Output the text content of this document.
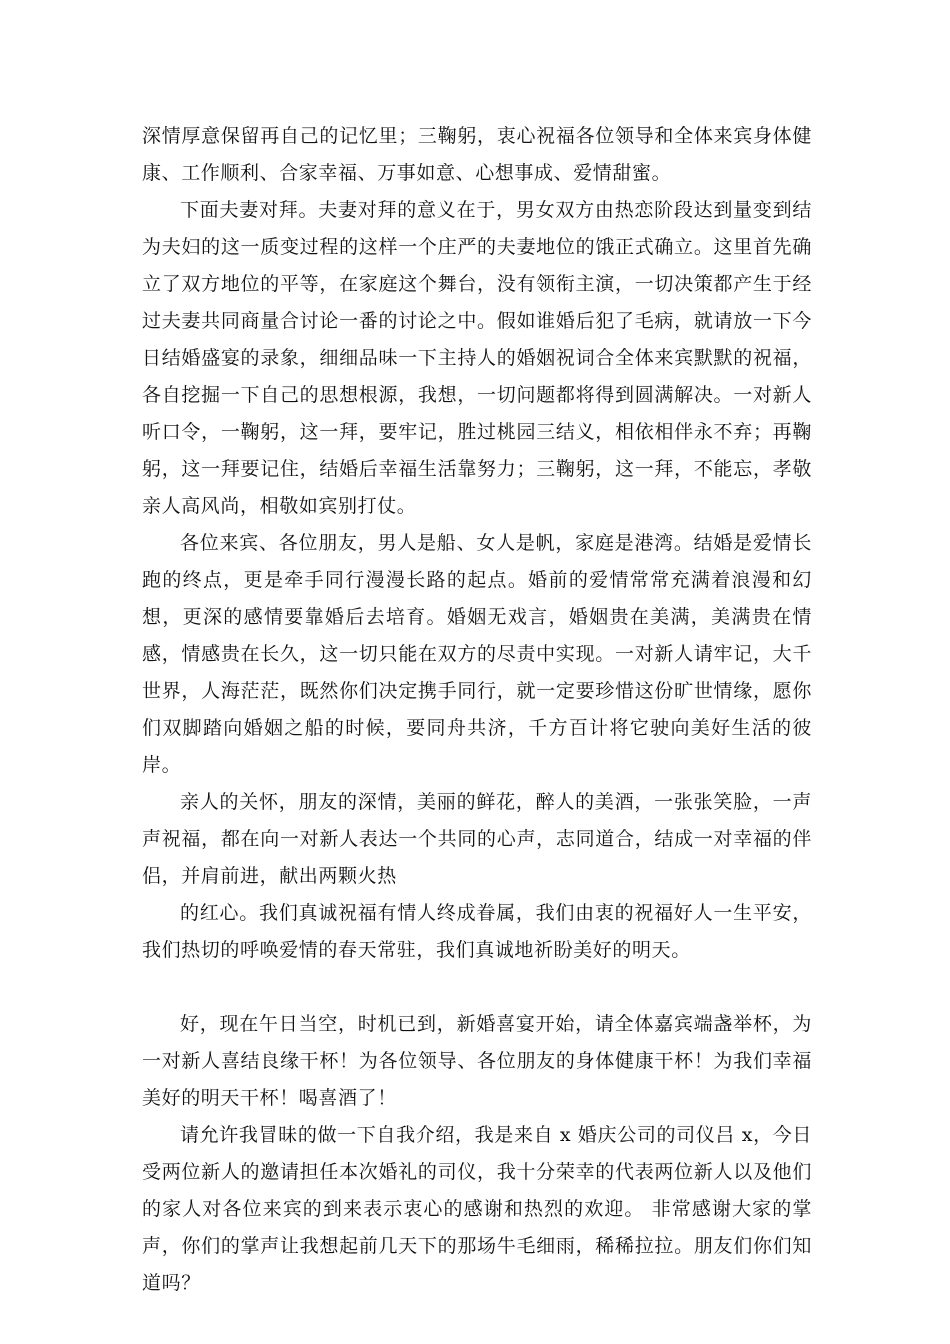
深情厚意保留再自己的记忆里；三鞠躬，衷心祝福各位领导和全体来宾身体健康、工作顺利、合家幸福、万事如意、心想事成、爱情甜蜜。

下面夫妻对拜。夫妻对拜的意义在于，男女双方由热恋阶段达到量变到结为夫妇的这一质变过程的这样一个庄严的夫妻地位的饿正式确立。这里首先确立了双方地位的平等，在家庭这个舞台，没有领衔主演，一切决策都产生于经过夫妻共同商量合讨论一番的讨论之中。假如谁婚后犯了毛病，就请放一下今日结婚盛宴的录象，细细品味一下主持人的婚姻祝词合全体来宾默默的祝福，各自挖掘一下自己的思想根源，我想，一切问题都将得到圆满解决。一对新人听口令，一鞠躬，这一拜，要牢记，胜过桃园三结义，相依相伴永不弃；再鞠躬，这一拜要记住，结婚后幸福生活靠努力；三鞠躬，这一拜，不能忘，孝敬亲人高风尚，相敬如宾别打仗。

各位来宾、各位朋友，男人是船、女人是帆，家庭是港湾。结婚是爱情长跑的终点，更是牵手同行漫漫长路的起点。婚前的爱情常常充满着浪漫和幻想，更深的感情要靠婚后去培育。婚姻无戏言，婚姻贵在美满，美满贵在情感，情感贵在长久，这一切只能在双方的尽责中实现。一对新人请牢记，大千世界，人海茫茫，既然你们决定携手同行，就一定要珍惜这份旷世情缘，愿你们双脚踏向婚姻之船的时候，要同舟共济，千方百计将它驶向美好生活的彼岸。

亲人的关怀，朋友的深情，美丽的鲜花，醉人的美酒，一张张笑脸，一声声祝福，都在向一对新人表达一个共同的心声，志同道合，结成一对幸福的伴侣，并肩前进，献出两颗火热

的红心。我们真诚祝福有情人终成眷属，我们由衷的祝福好人一生平安，我们热切的呼唤爱情的春天常驻，我们真诚地祈盼美好的明天。

好，现在午日当空，时机已到，新婚喜宴开始，请全体嘉宾端盏举杯，为一对新人喜结良缘干杯！为各位领导、各位朋友的身体健康干杯！为我们幸福美好的明天干杯！喝喜酒了！

请允许我冒昧的做一下自我介绍，我是来自 x 婚庆公司的司仪吕 x，今日受两位新人的邀请担任本次婚礼的司仪，我十分荣幸的代表两位新人以及他们的家人对各位来宾的到来表示衷心的感谢和热烈的欢迎。 非常感谢大家的掌声，你们的掌声让我想起前几天下的那场牛毛细雨，稀稀拉拉。朋友们你们知道吗？
